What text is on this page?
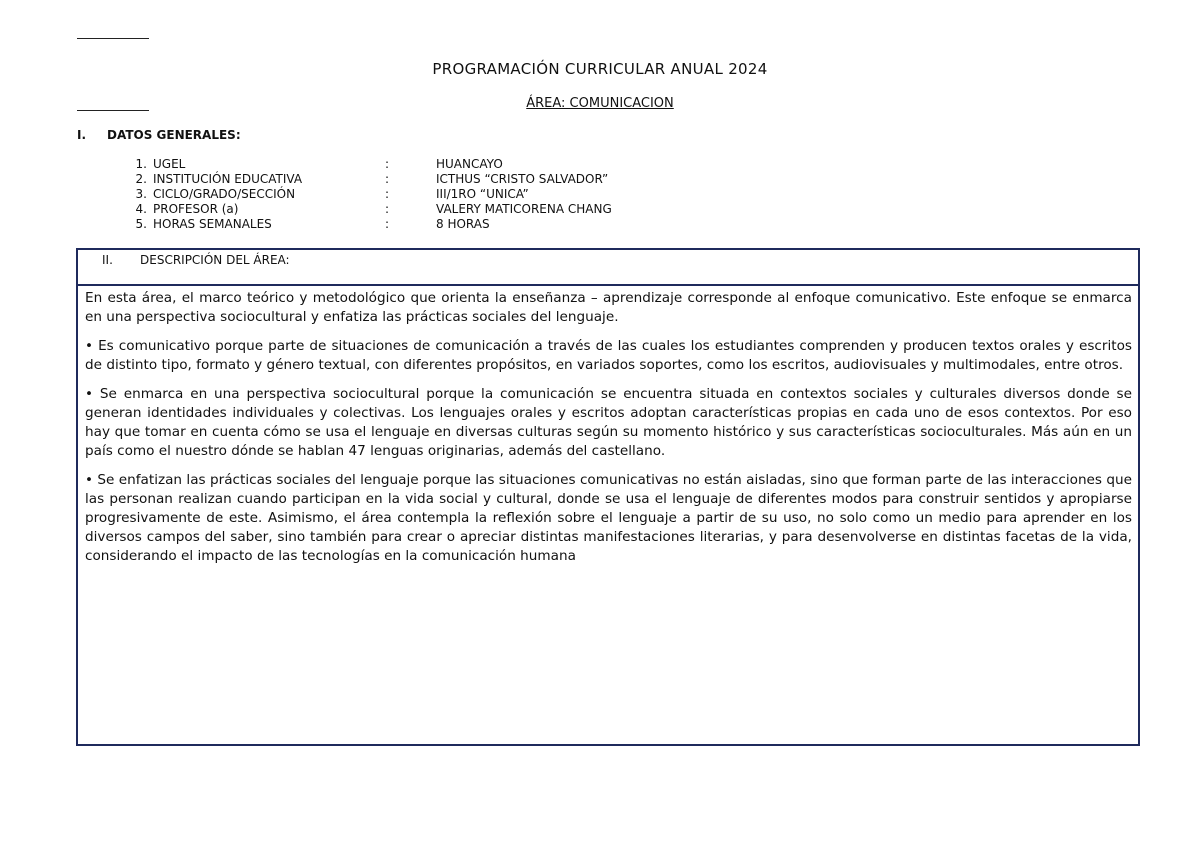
PROGRAMACIÓN CURRICULAR ANUAL 2024
ÁREA: COMUNICACION
I. DATOS GENERALES:
1. UGEL	:	HUANCAYO
2. INSTITUCIÓN EDUCATIVA	:	ICTHUS “CRISTO SALVADOR”
3. CICLO/GRADO/SECCIÓN	:	III/1RO “UNICA”
4. PROFESOR (a)	:	VALERY MATICORENA CHANG
5. HORAS SEMANALES	:	8 HORAS
II. DESCRIPCIÓN DEL ÁREA:

En esta área, el marco teórico y metodológico que orienta la enseñanza – aprendizaje corresponde al enfoque comunicativo. Este enfoque se enmarca en una perspectiva sociocultural y enfatiza las prácticas sociales del lenguaje.

• Es comunicativo porque parte de situaciones de comunicación a través de las cuales los estudiantes comprenden y producen textos orales y escritos de distinto tipo, formato y género textual, con diferentes propósitos, en variados soportes, como los escritos, audiovisuales y multimodales, entre otros.

• Se enmarca en una perspectiva sociocultural porque la comunicación se encuentra situada en contextos sociales y culturales diversos donde se generan identidades individuales y colectivas. Los lenguajes orales y escritos adoptan características propias en cada uno de esos contextos. Por eso hay que tomar en cuenta cómo se usa el lenguaje en diversas culturas según su momento histórico y sus características socioculturales. Más aún en un país como el nuestro dónde se hablan 47 lenguas originarias, además del castellano.

• Se enfatizan las prácticas sociales del lenguaje porque las situaciones comunicativas no están aisladas, sino que forman parte de las interacciones que las personan realizan cuando participan en la vida social y cultural, donde se usa el lenguaje de diferentes modos para construir sentidos y apropiarse progresivamente de este. Asimismo, el área contempla la reflexión sobre el lenguaje a partir de su uso, no solo como un medio para aprender en los diversos campos del saber, sino también para crear o apreciar distintas manifestaciones literarias, y para desenvolverse en distintas facetas de la vida, considerando el impacto de las tecnologías en la comunicación humana
